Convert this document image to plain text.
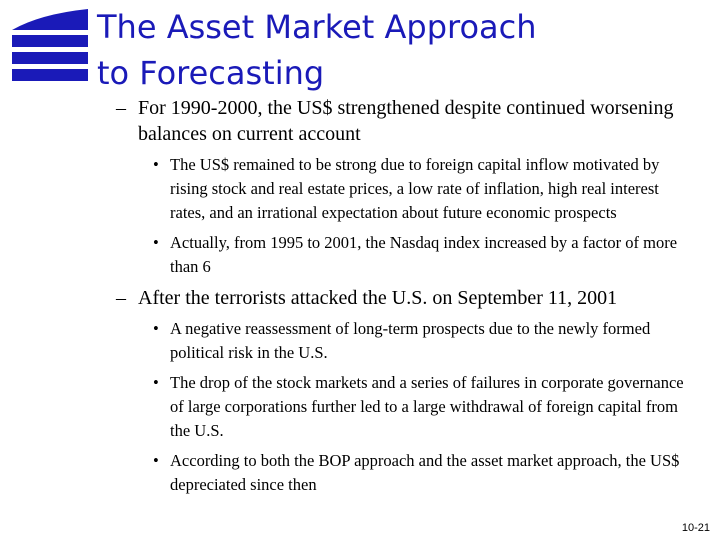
The Asset Market Approach
to Forecasting
– For 1990-2000, the US$ strengthened despite continued worsening balances on current account
• The US$ remained to be strong due to foreign capital inflow motivated by rising stock and real estate prices, a low rate of inflation, high real interest rates, and an irrational expectation about future economic prospects
• Actually, from 1995 to 2001, the Nasdaq index increased by a factor of more than 6
– After the terrorists attacked the U.S. on September 11, 2001
• A negative reassessment of long-term prospects due to the newly formed political risk in the U.S.
• The drop of the stock markets and a series of failures in corporate governance of large corporations further led to a large withdrawal of foreign capital from the U.S.
• According to both the BOP approach and the asset market approach, the US$ depreciated since then
10-21
